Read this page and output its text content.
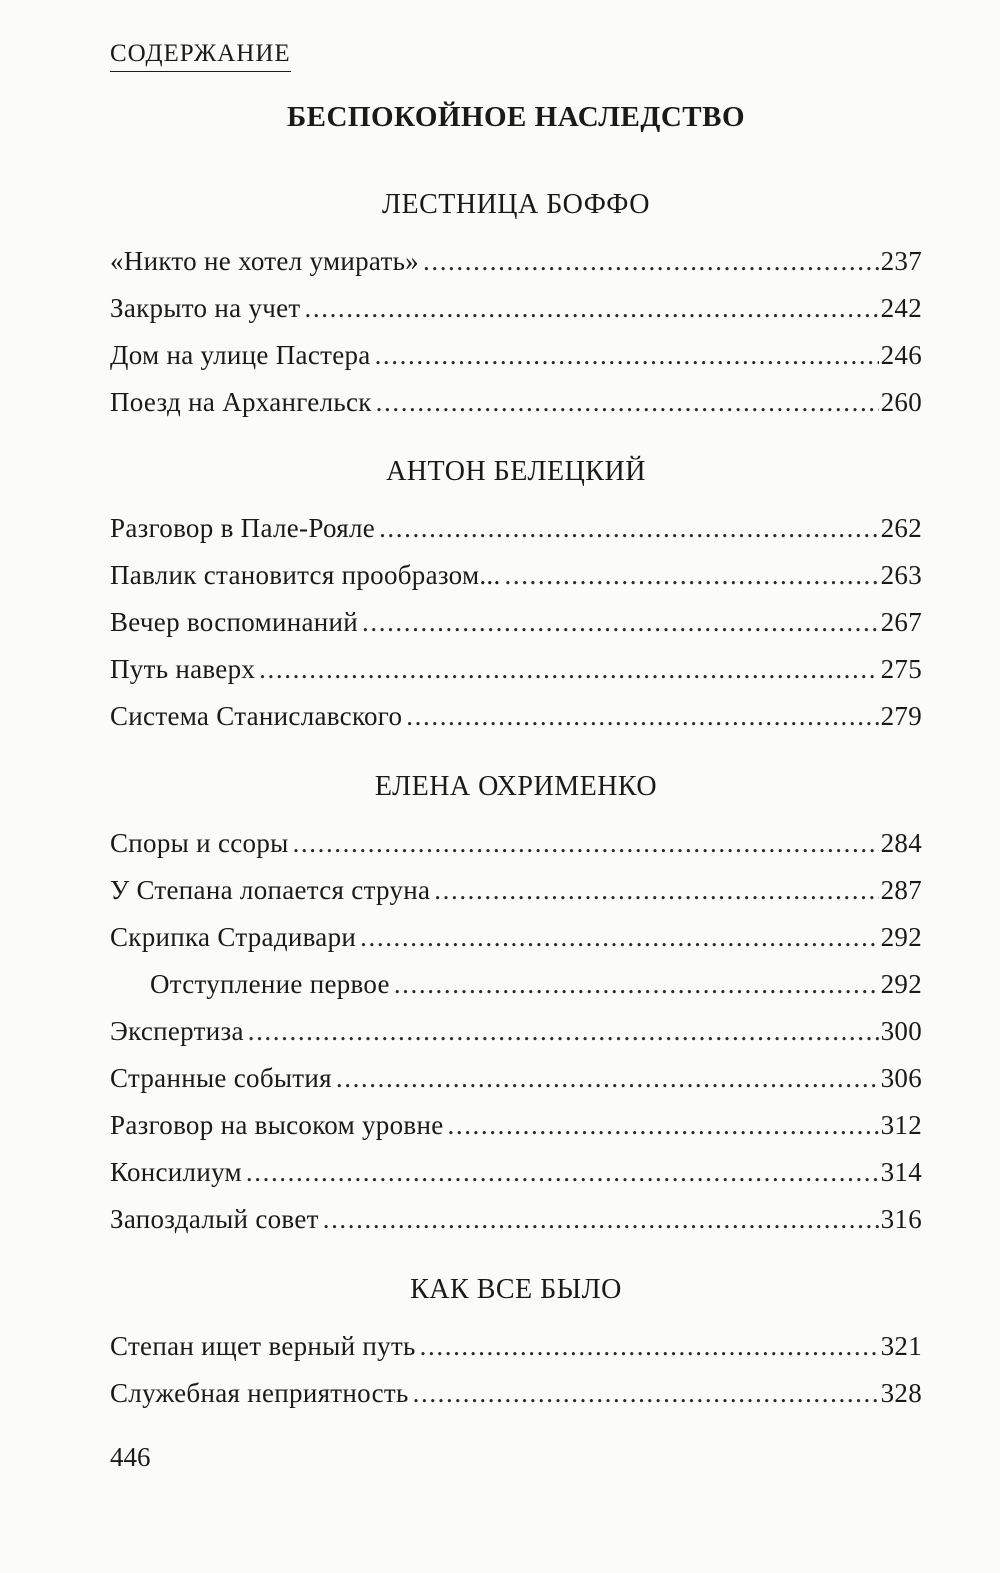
СОДЕРЖАНИЕ
БЕСПОКОЙНОЕ НАСЛЕДСТВО
ЛЕСТНИЦА БОФФО
«Никто не хотел умирать» .....	237
Закрыто на учет .....	242
Дом на улице Пастера .....	246
Поезд на Архангельск .....	260
АНТОН БЕЛЕЦКИЙ
Разговор в Пале-Рояле .....	262
Павлик становится прообразом... .....	263
Вечер воспоминаний .....	267
Путь наверх .....	275
Система Станиславского .....	279
ЕЛЕНА ОХРИМЕНКО
Споры и ссоры .....	284
У Степана лопается струна .....	287
Скрипка Страдивари .....	292
Отступление первое .....	292
Экспертиза .....	300
Странные события .....	306
Разговор на высоком уровне .....	312
Консилиум .....	314
Запоздалый совет .....	316
КАК ВСЕ БЫЛО
Степан ищет верный путь .....	321
Служебная неприятность .....	328
446
